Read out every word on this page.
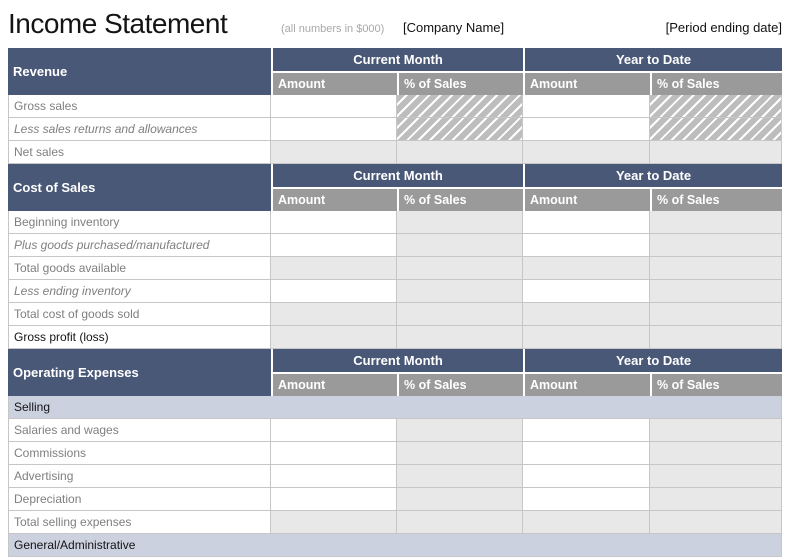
Income Statement	(all numbers in $000) [Company Name]	[Period ending date]
Revenue	Current Month		Year to Date	
	Amount	% of Sales	Amount	% of Sales
Gross sales				
Less sales returns and allowances				
Net sales				
Cost of Sales	Current Month		Year to Date	
	Amount	% of Sales	Amount	% of Sales
Beginning inventory				
Plus goods purchased/manufactured				
Total goods available				
Less ending inventory				
Total cost of goods sold				
Gross profit (loss)				
Operating Expenses	Current Month		Year to Date	
	Amount	% of Sales	Amount	% of Sales
Selling				
Salaries and wages				
Commissions				
Advertising				
Depreciation				
Total selling expenses				
General/Administrative				
